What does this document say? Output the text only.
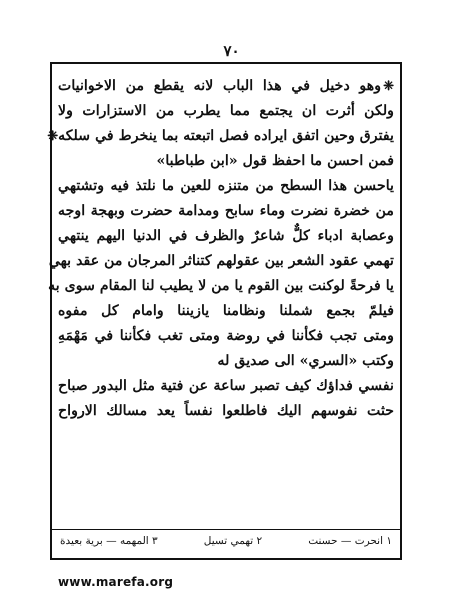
٧٠
❈وهو دخيل في هذا الباب لانه يقطع من الاخوانيات
ولكن أثرت ان يجتمع مما يطرب من الاستزارات ولا
يفترق وحين اتفق ايراده فصل اتبعته بما ينخرط في سلكه❈
فمن احسن ما احفظ قول «ابن طباطبا»
ياحسن هذا السطح من متنزه للعين ما نلتذ فيه وتشتهي
من خضرة نضرت وماء سابح ومدامة حضرت وبهجة اوجه
وعصابة ادباء كلٌّ شاعرٌ والظرف في الدنيا اليهم ينتهي
تهمي عقود الشعر بين عقولهم كتناثر المرجان من عقد بهي
يا فرحةً لوكنت بين القوم يا من لا يطيب لنا المقام سوى به
فيلمّ بجمع شملنا ونظامنا يازيننا وامام كل مفوه
ومتى تجب فكأننا في روضة ومتى تغب فكأننا في مَهْمَهِ
وكتب «السري» الى صديق له
نفسي فداؤك كيف تصبر ساعة عن فتية مثل البدور صباح
حثت نفوسهم اليك فاطلعوا نفساً يعد مسالك الارواح
١ انحرت — حسنت
٢ تهمي تسيل
٣ المهمه — برية بعيدة
www.marefa.org
